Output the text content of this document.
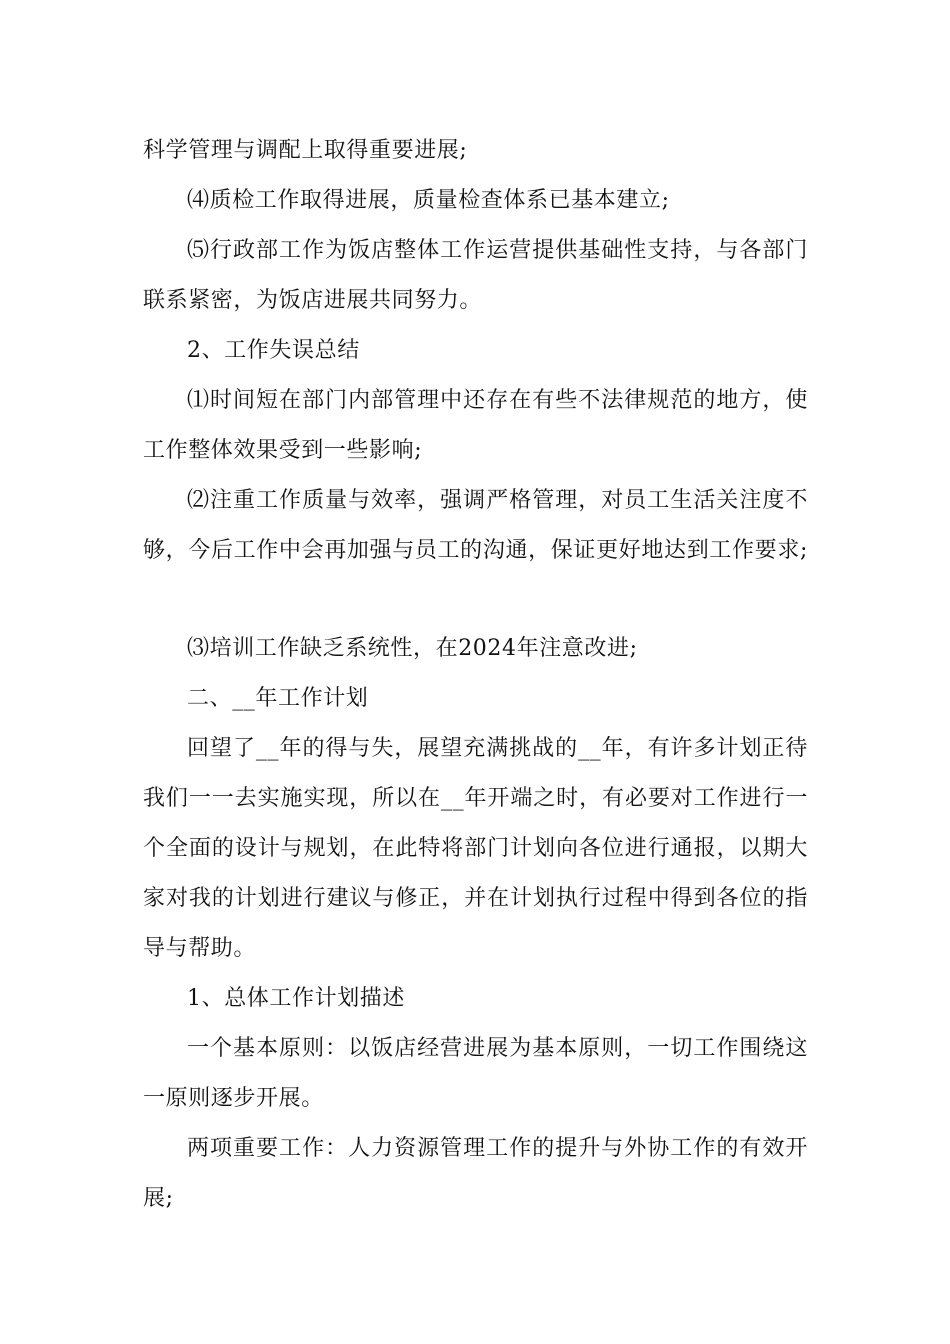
科学管理与调配上取得重要进展;
⑷质检工作取得进展，质量检查体系已基本建立;
⑸行政部工作为饭店整体工作运营提供基础性支持，与各部门
联系紧密，为饭店进展共同努力。
2、工作失误总结
⑴时间短在部门内部管理中还存在有些不法律规范的地方，使
工作整体效果受到一些影响;
⑵注重工作质量与效率，强调严格管理，对员工生活关注度不
够，今后工作中会再加强与员工的沟通，保证更好地达到工作要求;
⑶培训工作缺乏系统性，在2024年注意改进;
二、__年工作计划
回望了__年的得与失，展望充满挑战的__年，有许多计划正待
我们一一去实施实现，所以在__年开端之时，有必要对工作进行一
个全面的设计与规划，在此特将部门计划向各位进行通报，以期大
家对我的计划进行建议与修正，并在计划执行过程中得到各位的指
导与帮助。
1、总体工作计划描述
一个基本原则：以饭店经营进展为基本原则，一切工作围绕这
一原则逐步开展。
两项重要工作：人力资源管理工作的提升与外协工作的有效开
展;
